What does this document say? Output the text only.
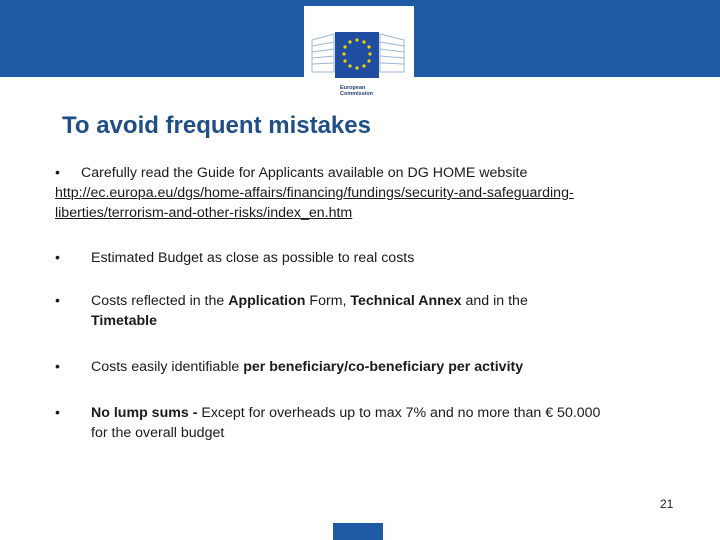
European
Commission
To avoid frequent mistakes
• Carefully read the Guide for Applicants available on DG HOME website
http://ec.europa.eu/dgs/home-affairs/financing/fundings/security-and-safeguarding-liberties/terrorism-and-other-risks/index_en.htm
• Estimated Budget as close as possible to real costs
• Costs reflected in the Application Form, Technical Annex and in the
Timetable
• Costs easily identifiable per beneficiary/co-beneficiary per activity
• No lump sums - Except for overheads up to max 7% and no more than € 50.000 for the overall budget
21
